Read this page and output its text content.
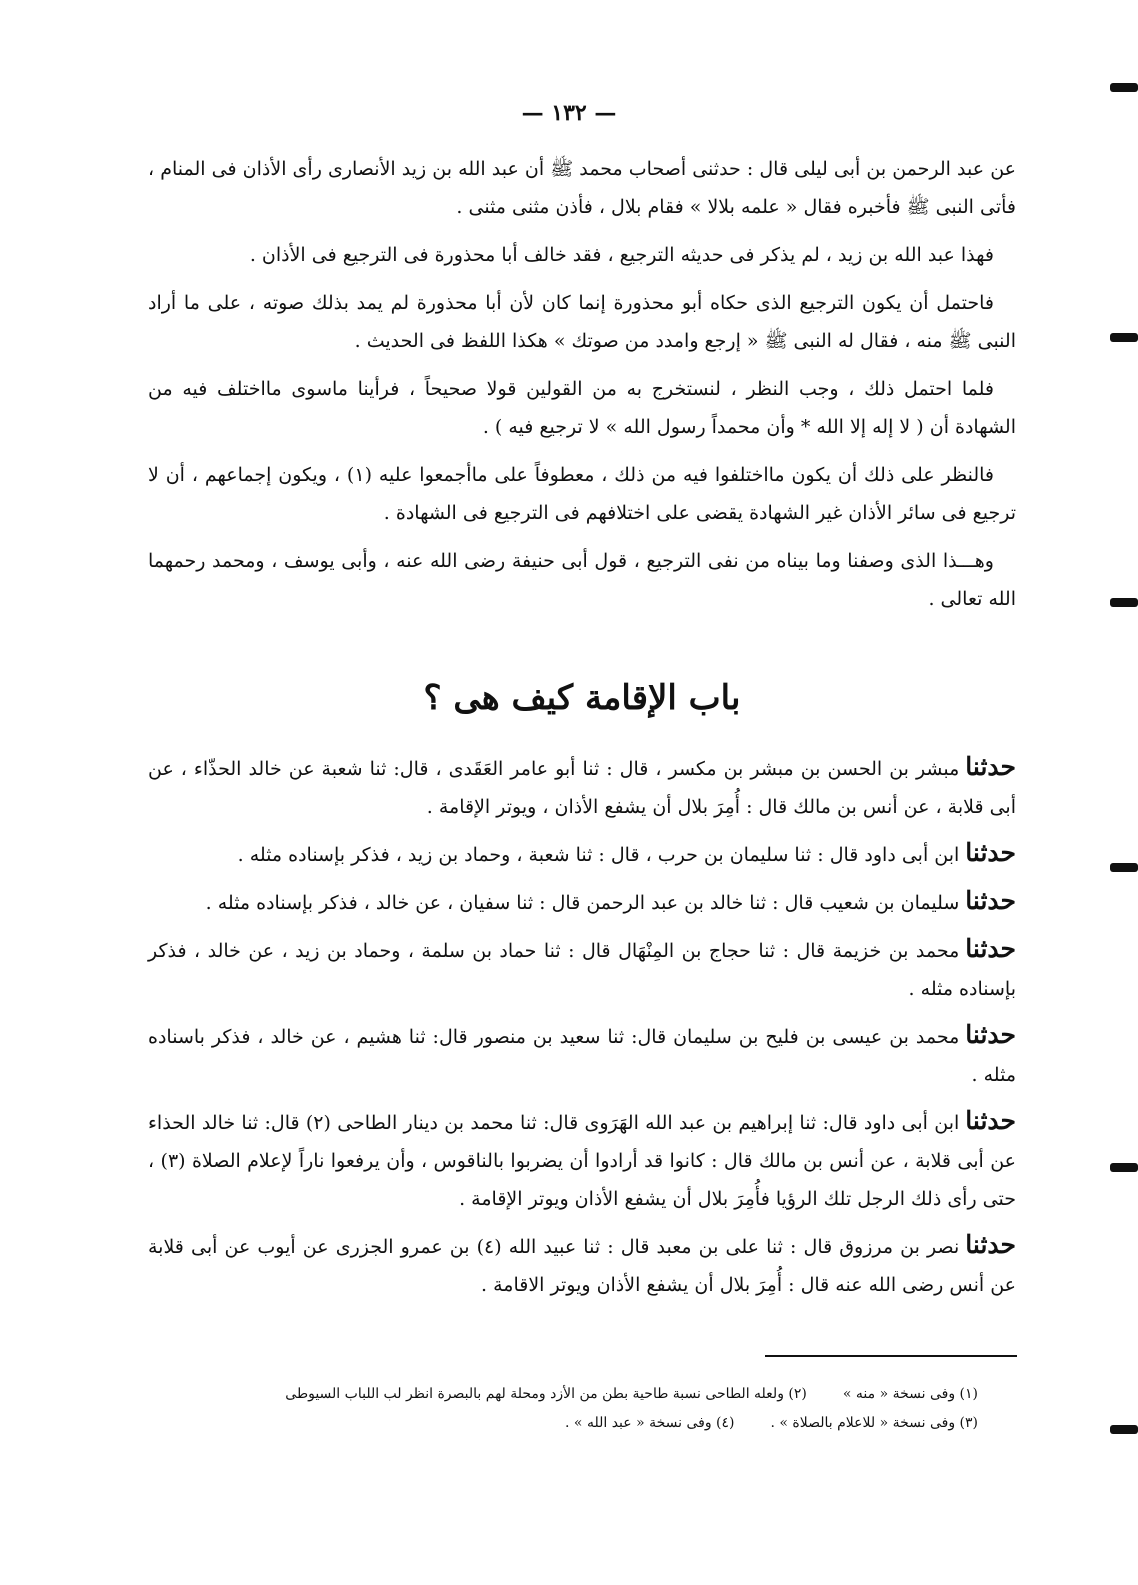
— ١٣٢ —

عن عبد الرحمن بن أبى ليلى قال : حدثنى أصحاب محمد ﷺ أن عبد الله بن زيد الأنصارى رأى الأذان فى المنام ، فأتى النبى ﷺ فأخبره فقال « علمه بلالا » فقام بلال ، فأذن مثنى مثنى .

فهذا عبد الله بن زيد ، لم يذكر فى حديثه الترجيع ، فقد خالف أبا محذورة فى الترجيع فى الأذان .

فاحتمل أن يكون الترجيع الذى حكاه أبو محذورة إنما كان لأن أبا محذورة لم يمد بذلك صوته ، على ما أراد النبى ﷺ منه ، فقال له النبى ﷺ « إرجع وامدد من صوتك » هكذا اللفظ فى الحديث .

فلما احتمل ذلك ، وجب النظر ، لنستخرج به من القولين قولا صحيحاً ، فرأينا ماسوى مااختلف فيه من الشهادة أن ( لا إله إلا الله * وأن محمداً رسول الله » لا ترجيع فيه ) .

فالنظر على ذلك أن يكون مااختلفوا فيه من ذلك ، معطوفاً على ماأجمعوا عليه (١) ، ويكون إجماعهم ، أن لا ترجيع فى سائر الأذان غير الشهادة يقضى على اختلافهم فى الترجيع فى الشهادة .

وهـــذا الذى وصفنا وما بيناه من نفى الترجيع ، قول أبى حنيفة رضى الله عنه ، وأبى يوسف ، ومحمد رحمهما الله تعالى .

باب الإقامة كيف هى ؟

حدثنامبشر بن الحسن بن مبشر بن مكسر ، قال : ثنا أبو عامر العَقَدى ، قال: ثنا شعبة عن خالد الحذّاء ، عن أبى قلابة ، عن أنس بن مالك قال : أُمِرَ بلال أن يشفع الأذان ، ويوتر الإقامة .

حدثناابن أبى داود قال : ثنا سليمان بن حرب ، قال : ثنا شعبة ، وحماد بن زيد ، فذكر بإسناده مثله .

حدثناسليمان بن شعيب قال : ثنا خالد بن عبد الرحمن قال : ثنا سفيان ، عن خالد ، فذكر بإسناده مثله .

حدثنامحمد بن خزيمة قال : ثنا حجاج بن المِنْهَال قال : ثنا حماد بن سلمة ، وحماد بن زيد ، عن خالد ، فذكر بإسناده مثله .

حدثنامحمد بن عيسى بن فليح بن سليمان قال: ثنا سعيد بن منصور قال: ثنا هشيم ، عن خالد ، فذكر باسناده مثله .

حدثناابن أبى داود قال: ثنا إبراهيم بن عبد الله الهَرَوى قال: ثنا محمد بن دينار الطاحى (٢) قال: ثنا خالد الحذاء عن أبى قلابة ، عن أنس بن مالك قال : كانوا قد أرادوا أن يضربوا بالناقوس ، وأن يرفعوا ناراً لإعلام الصلاة (٣) ، حتى رأى ذلك الرجل تلك الرؤيا فأُمِرَ بلال أن يشفع الأذان ويوتر الإقامة .

حدثنانصر بن مرزوق قال : ثنا على بن معبد قال : ثنا عبيد الله (٤) بن عمرو الجزرى عن أيوب عن أبى قلابة عن أنس رضى الله عنه قال : أُمِرَ بلال أن يشفع الأذان ويوتر الاقامة .

(١) وفى نسخة « منه »
(٢) ولعله الطاحى نسبة طاحية بطن من الأزد ومحلة لهم بالبصرة انظر لب اللباب السيوطى
(٣) وفى نسخة « للاعلام بالصلاة » .
(٤) وفى نسخة « عبد الله » .
